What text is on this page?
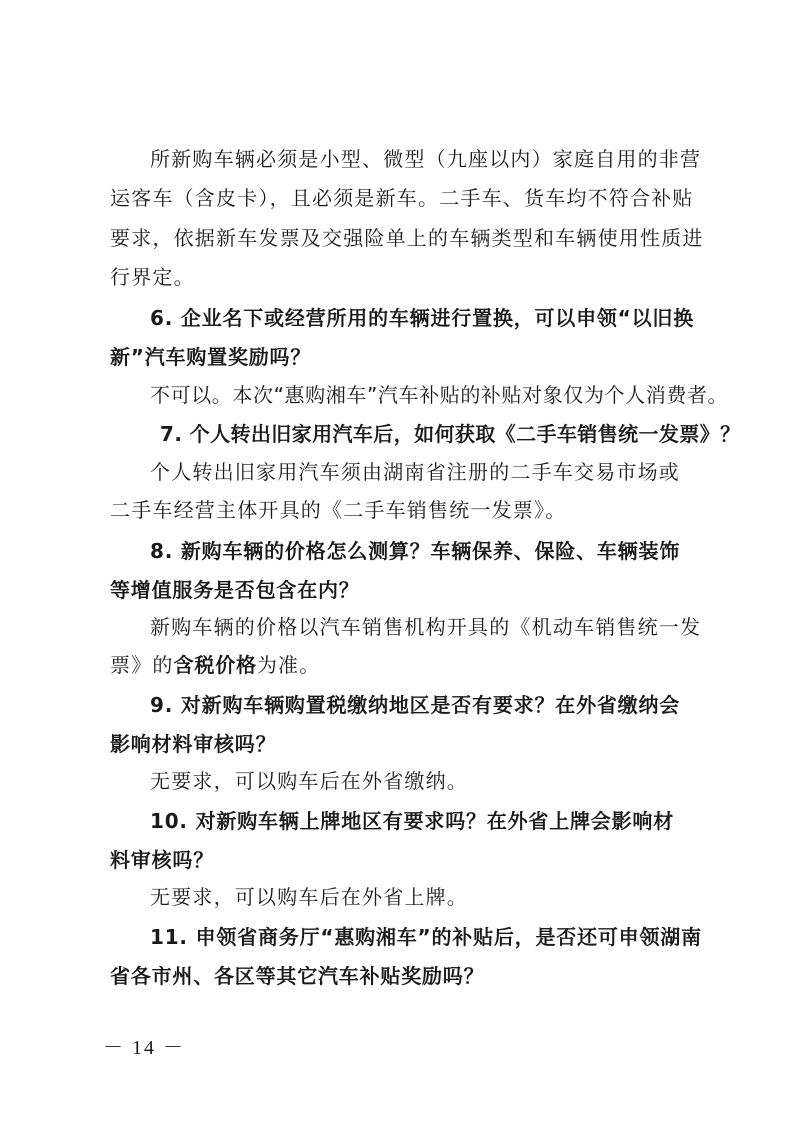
所新购车辆必须是小型、微型（九座以内）家庭自用的非营
运客车（含皮卡），且必须是新车。二手车、货车均不符合补贴
要求，依据新车发票及交强险单上的车辆类型和车辆使用性质进
行界定。
6. 企业名下或经营所用的车辆进行置换，可以申领“以旧换
新”汽车购置奖励吗？
不可以。本次“惠购湘车”汽车补贴的补贴对象仅为个人消费者。
7. 个人转出旧家用汽车后，如何获取《二手车销售统一发票》？
个人转出旧家用汽车须由湖南省注册的二手车交易市场或
二手车经营主体开具的《二手车销售统一发票》。
8. 新购车辆的价格怎么测算？车辆保养、保险、车辆装饰
等增值服务是否包含在内？
新购车辆的价格以汽车销售机构开具的《机动车销售统一发
票》的含税价格为准。
9. 对新购车辆购置税缴纳地区是否有要求？在外省缴纳会
影响材料审核吗？
无要求，可以购车后在外省缴纳。
10. 对新购车辆上牌地区有要求吗？在外省上牌会影响材
料审核吗？
无要求，可以购车后在外省上牌。
11. 申领省商务厅“惠购湘车”的补贴后，是否还可申领湖南
省各市州、各区等其它汽车补贴奖励吗？
－ 14 －
